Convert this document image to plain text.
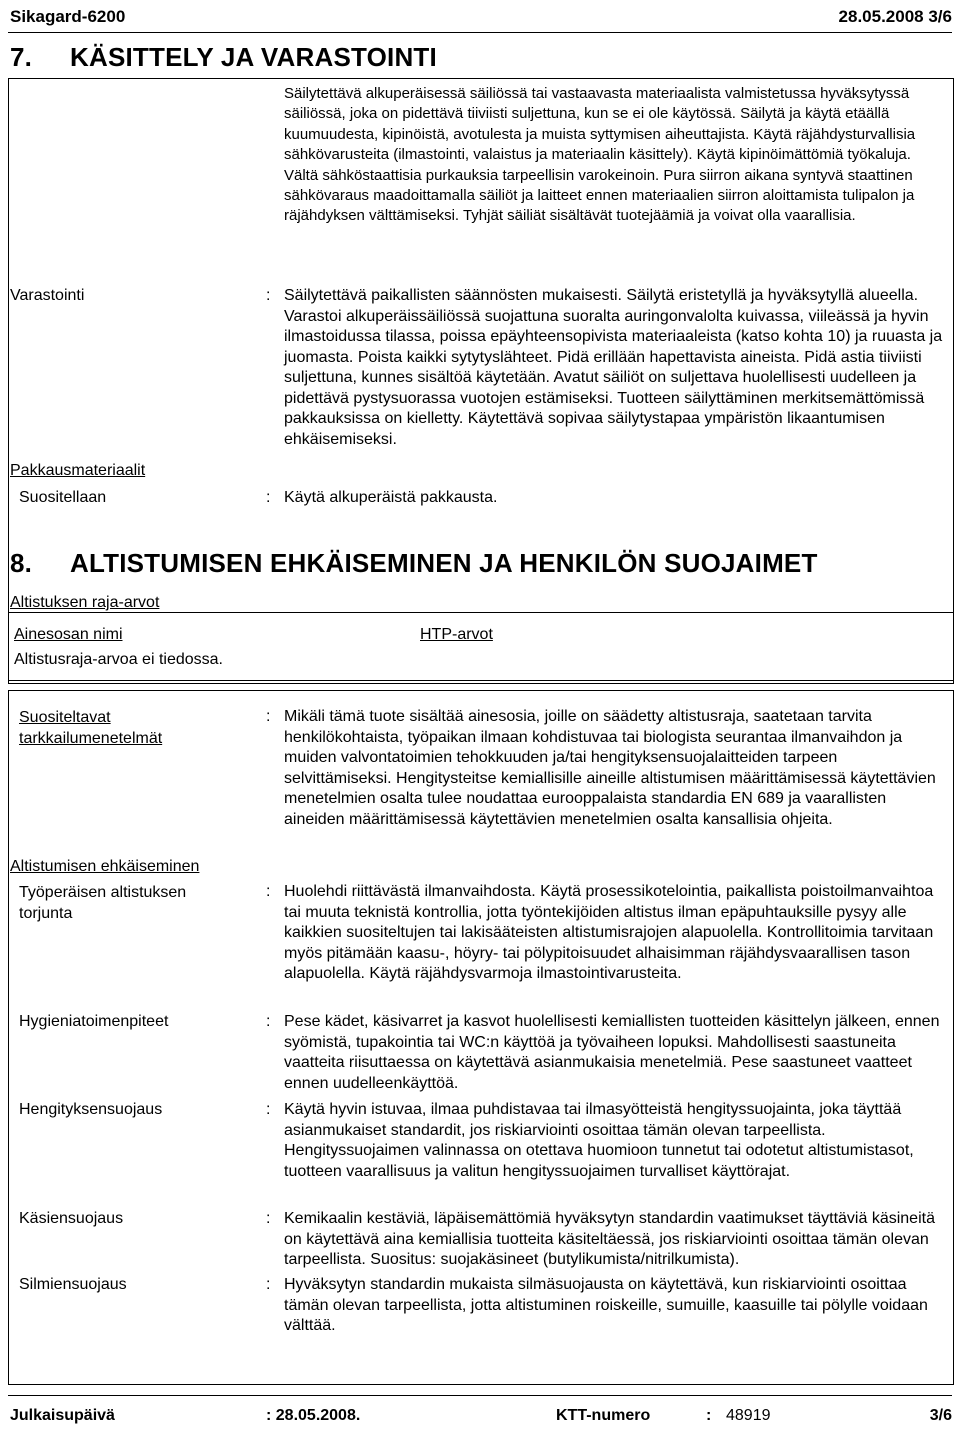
Sikagard-6200	28.05.2008 3/6
7. KÄSITTELY JA VARASTOINTI

Säilytettävä alkuperäisessä säiliössä tai vastaavasta materiaalista valmistetussa hyväksytyssä säiliössä, joka on pidettävä tiiviisti suljettuna, kun se ei ole käytössä. Säilytä ja käytä etäällä kuumuudesta, kipinöistä, avotulesta ja muista syttymisen aiheuttajista. Käytä räjähdysturvallisia sähkövarusteita (ilmastointi, valaistus ja materiaalin käsittely). Käytä kipinöimättömiä työkaluja. Vältä sähköstaattisia purkauksia tarpeellisin varokeinoin. Pura siirron aikana syntyvä staattinen sähkövaraus maadoittamalla säiliöt ja laitteet ennen materiaalien siirron aloittamista tulipalon ja räjähdyksen välttämiseksi. Tyhjät säiliät sisältävät tuotejäämiä ja voivat olla vaarallisia.

Varastointi	: Säilytettävä paikallisten säännösten mukaisesti. Säilytä eristetyllä ja hyväksytyllä alueella. Varastoi alkuperäissäiliössä suojattuna suoralta auringonvalolta kuivassa, viileässä ja hyvin ilmastoidussa tilassa, poissa epäyhteensopivista materiaaleista (katso kohta 10) ja ruuasta ja juomasta. Poista kaikki sytytyslähteet. Pidä erillään hapettavista aineista. Pidä astia tiiviisti suljettuna, kunnes sisältöä käytetään. Avatut säiliöt on suljettava huolellisesti uudelleen ja pidettävä pystysuorassa vuotojen estämiseksi. Tuotteen säilyttäminen merkitsemättömissä pakkauksissa on kielletty. Käytettävä sopivaa säilytystapaa ympäristön likaantumisen ehkäisemiseksi.

Pakkausmateriaalit
Suositellaan	: Käytä alkuperäistä pakkausta.
8. ALTISTUMISEN EHKÄISEMINEN JA HENKILÖN SUOJAIMET
Altistuksen raja-arvot
Ainesosan nimi	HTP-arvot
Altistusraja-arvoa ei tiedossa.
Suositeltavat tarkkailumenetelmät
: Mikäli tämä tuote sisältää ainesosia, joille on säädetty altistusraja, saatetaan tarvita henkilökohtaista, työpaikan ilmaan kohdistuvaa tai biologista seurantaa ilmanvaihdon ja muiden valvontatoimien tehokkuuden ja/tai hengityksensuojalaitteiden tarpeen selvittämiseksi. Hengitysteitse kemiallisille aineille altistumisen määrittämisessä käytettävien menetelmien osalta tulee noudattaa eurooppalaista standardia EN 689 ja vaarallisten aineiden määrittämisessä käytettävien menetelmien osalta kansallisia ohjeita.

Altistumisen ehkäiseminen
Työperäisen altistuksen torjunta
: Huolehdi riittävästä ilmanvaihdosta. Käytä prosessikotelointia, paikallista poistoilmanvaihtoa tai muuta teknistä kontrollia, jotta työntekijöiden altistus ilman epäpuhtauksille pysyy alle kaikkien suositeltujen tai lakisääteisten altistumisrajojen alapuolella. Kontrollitoimia tarvitaan myös pitämään kaasu-, höyry- tai pölypitoisuudet alhaisimman räjähdysvaarallisen tason alapuolella. Käytä räjähdysvarmoja ilmastointivarusteita.

Hygieniatoimenpiteet	: Pese kädet, käsivarret ja kasvot huolellisesti kemiallisten tuotteiden käsittelyn jälkeen, ennen syömistä, tupakointia tai WC:n käyttöä ja työvaiheen lopuksi. Mahdollisesti saastuneita vaatteita riisuttaessa on käytettävä asianmukaisia menetelmiä. Pese saastuneet vaatteet ennen uudelleenkäyttöä.

Hengityksensuojaus	: Käytä hyvin istuvaa, ilmaa puhdistavaa tai ilmasyötteistä hengityssuojainta, joka täyttää asianmukaiset standardit, jos riskiarviointi osoittaa tämän olevan tarpeellista. Hengityssuojaimen valinnassa on otettava huomioon tunnetut tai odotetut altistumistasot, tuotteen vaarallisuus ja valitun hengityssuojaimen turvalliset käyttörajat.

Käsiensuojaus	: Kemikaalin kestäviä, läpäisemättömiä hyväksytyn standardin vaatimukset täyttäviä käsineitä on käytettävä aina kemiallisia tuotteita käsiteltäessä, jos riskiarviointi osoittaa tämän olevan tarpeellista. Suositus: suojakäsineet (butylikumista/nitrilkumista).

Silmiensuojaus	: Hyväksytyn standardin mukaista silmäsuojausta on käytettävä, kun riskiarviointi osoittaa tämän olevan tarpeellista, jotta altistuminen roiskeille, sumuille, kaasuille tai pölylle voidaan välttää.

Julkaisupäivä	: 28.05.2008.	KTT-numero	: 48919	3/6
